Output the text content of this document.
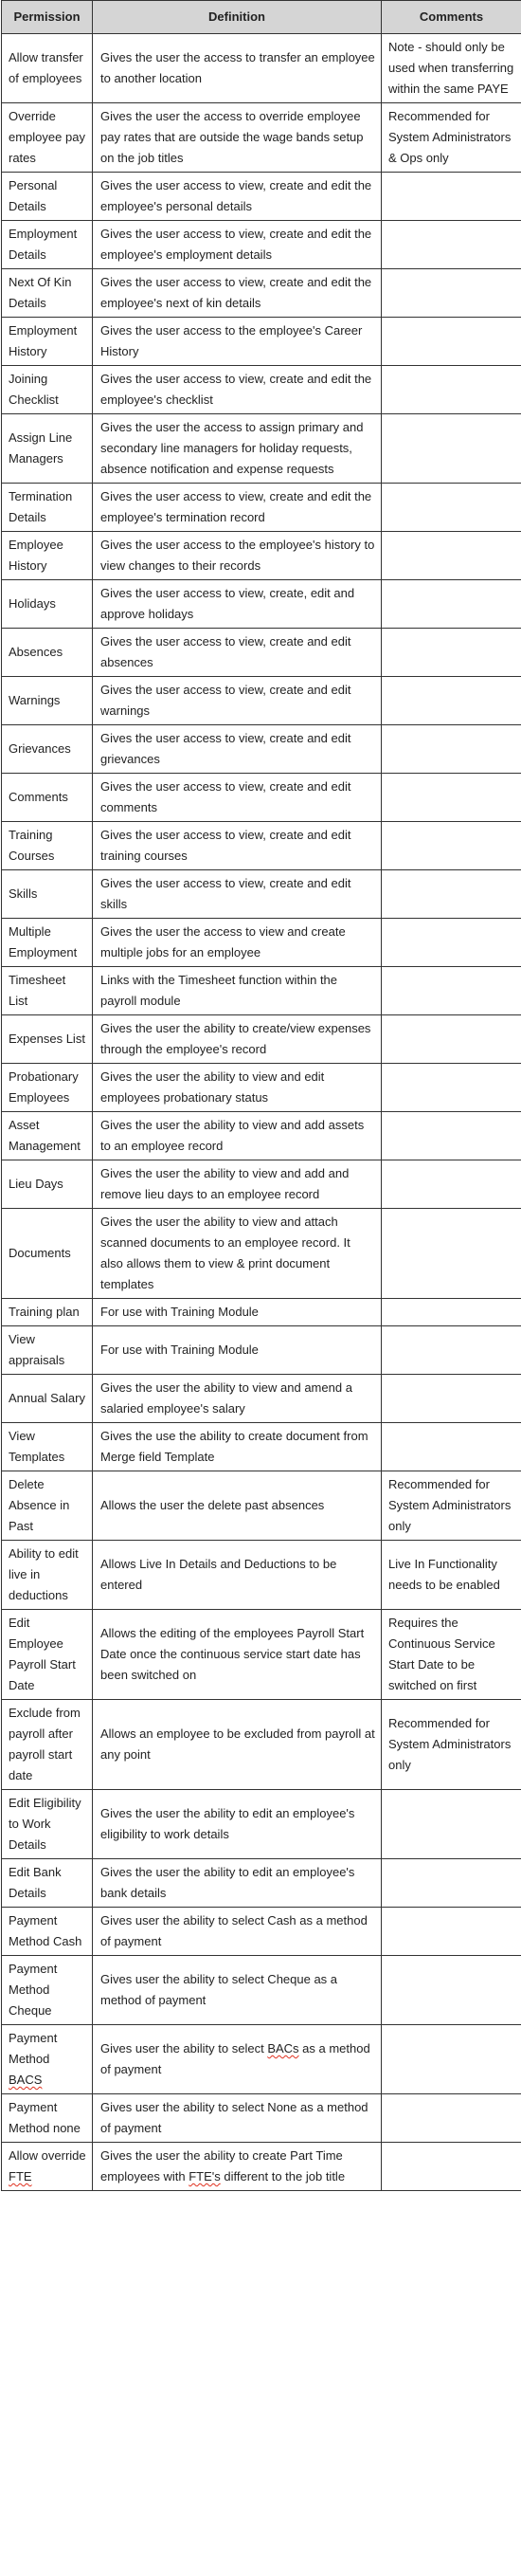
Permission	Definition	Comments
Allow transfer of employees	Gives the user the access to transfer an employee to another location	Note - should only be used when transferring within the same PAYE
Override employee pay rates	Gives the user the access to override employee pay rates that are outside the wage bands setup on the job titles	Recommended for System Administrators & Ops only
Personal Details	Gives the user access to view, create and edit the employee's personal details	
Employment Details	Gives the user access to view, create and edit the employee's employment details	
Next Of Kin Details	Gives the user access to view, create and edit the employee's next of kin details	
Employment History	Gives the user access to the employee's Career History	
Joining Checklist	Gives the user access to view, create and edit the employee's checklist	
Assign Line Managers	Gives the user the access to assign primary and secondary line managers for holiday requests, absence notification and expense requests	
Termination Details	Gives the user access to view, create and edit the employee's termination record	
Employee History	Gives the user access to the employee's history to view changes to their records	
Holidays	Gives the user access to view, create, edit and approve holidays	
Absences	Gives the user access to view, create and edit absences	
Warnings	Gives the user access to view, create and edit warnings	
Grievances	Gives the user access to view, create and edit grievances	
Comments	Gives the user access to view, create and edit comments	
Training Courses	Gives the user access to view, create and edit training courses	
Skills	Gives the user access to view, create and edit skills	
Multiple Employment	Gives the user the access to view and create multiple jobs for an employee	
Timesheet List	Links with the Timesheet function within the payroll module	
Expenses List	Gives the user the ability to create/view expenses through the employee's record	
Probationary Employees	Gives the user the ability to view and edit employees probationary status	
Asset Management	Gives the user the ability to view and add assets to an employee record	
Lieu Days	Gives the user the ability to view and add and remove lieu days to an employee record	
Documents	Gives the user the ability to view and attach scanned documents to an employee record. It also allows them to view & print document templates	
Training plan	For use with Training Module	
View appraisals	For use with Training Module	
Annual Salary	Gives the user the ability to view and amend a salaried employee's salary	
View Templates	Gives the use the ability to create document from Merge field Template	
Delete Absence in Past	Allows the user the delete past absences	Recommended for System Administrators only
Ability to edit live in deductions	Allows Live In Details and Deductions to be entered	Live In Functionality needs to be enabled
Edit Employee Payroll Start Date	Allows the editing of the employees Payroll Start Date once the continuous service start date has been switched on	Requires the Continuous Service Start Date to be switched on first
Exclude from payroll after payroll start date	Allows an employee to be excluded from payroll at any point	Recommended for System Administrators only
Edit Eligibility to Work Details	Gives the user the ability to edit an employee's eligibility to work details	
Edit Bank Details	Gives the user the ability to edit an employee's bank details	
Payment Method Cash	Gives user the ability to select Cash as a method of payment	
Payment Method Cheque	Gives user the ability to select Cheque as a method of payment	
Payment Method BACS	Gives user the ability to select BACs as a method of payment	
Payment Method none	Gives user the ability to select None as a method of payment	
Allow override FTE	Gives the user the ability to create Part Time employees with FTE's different to the job title	
